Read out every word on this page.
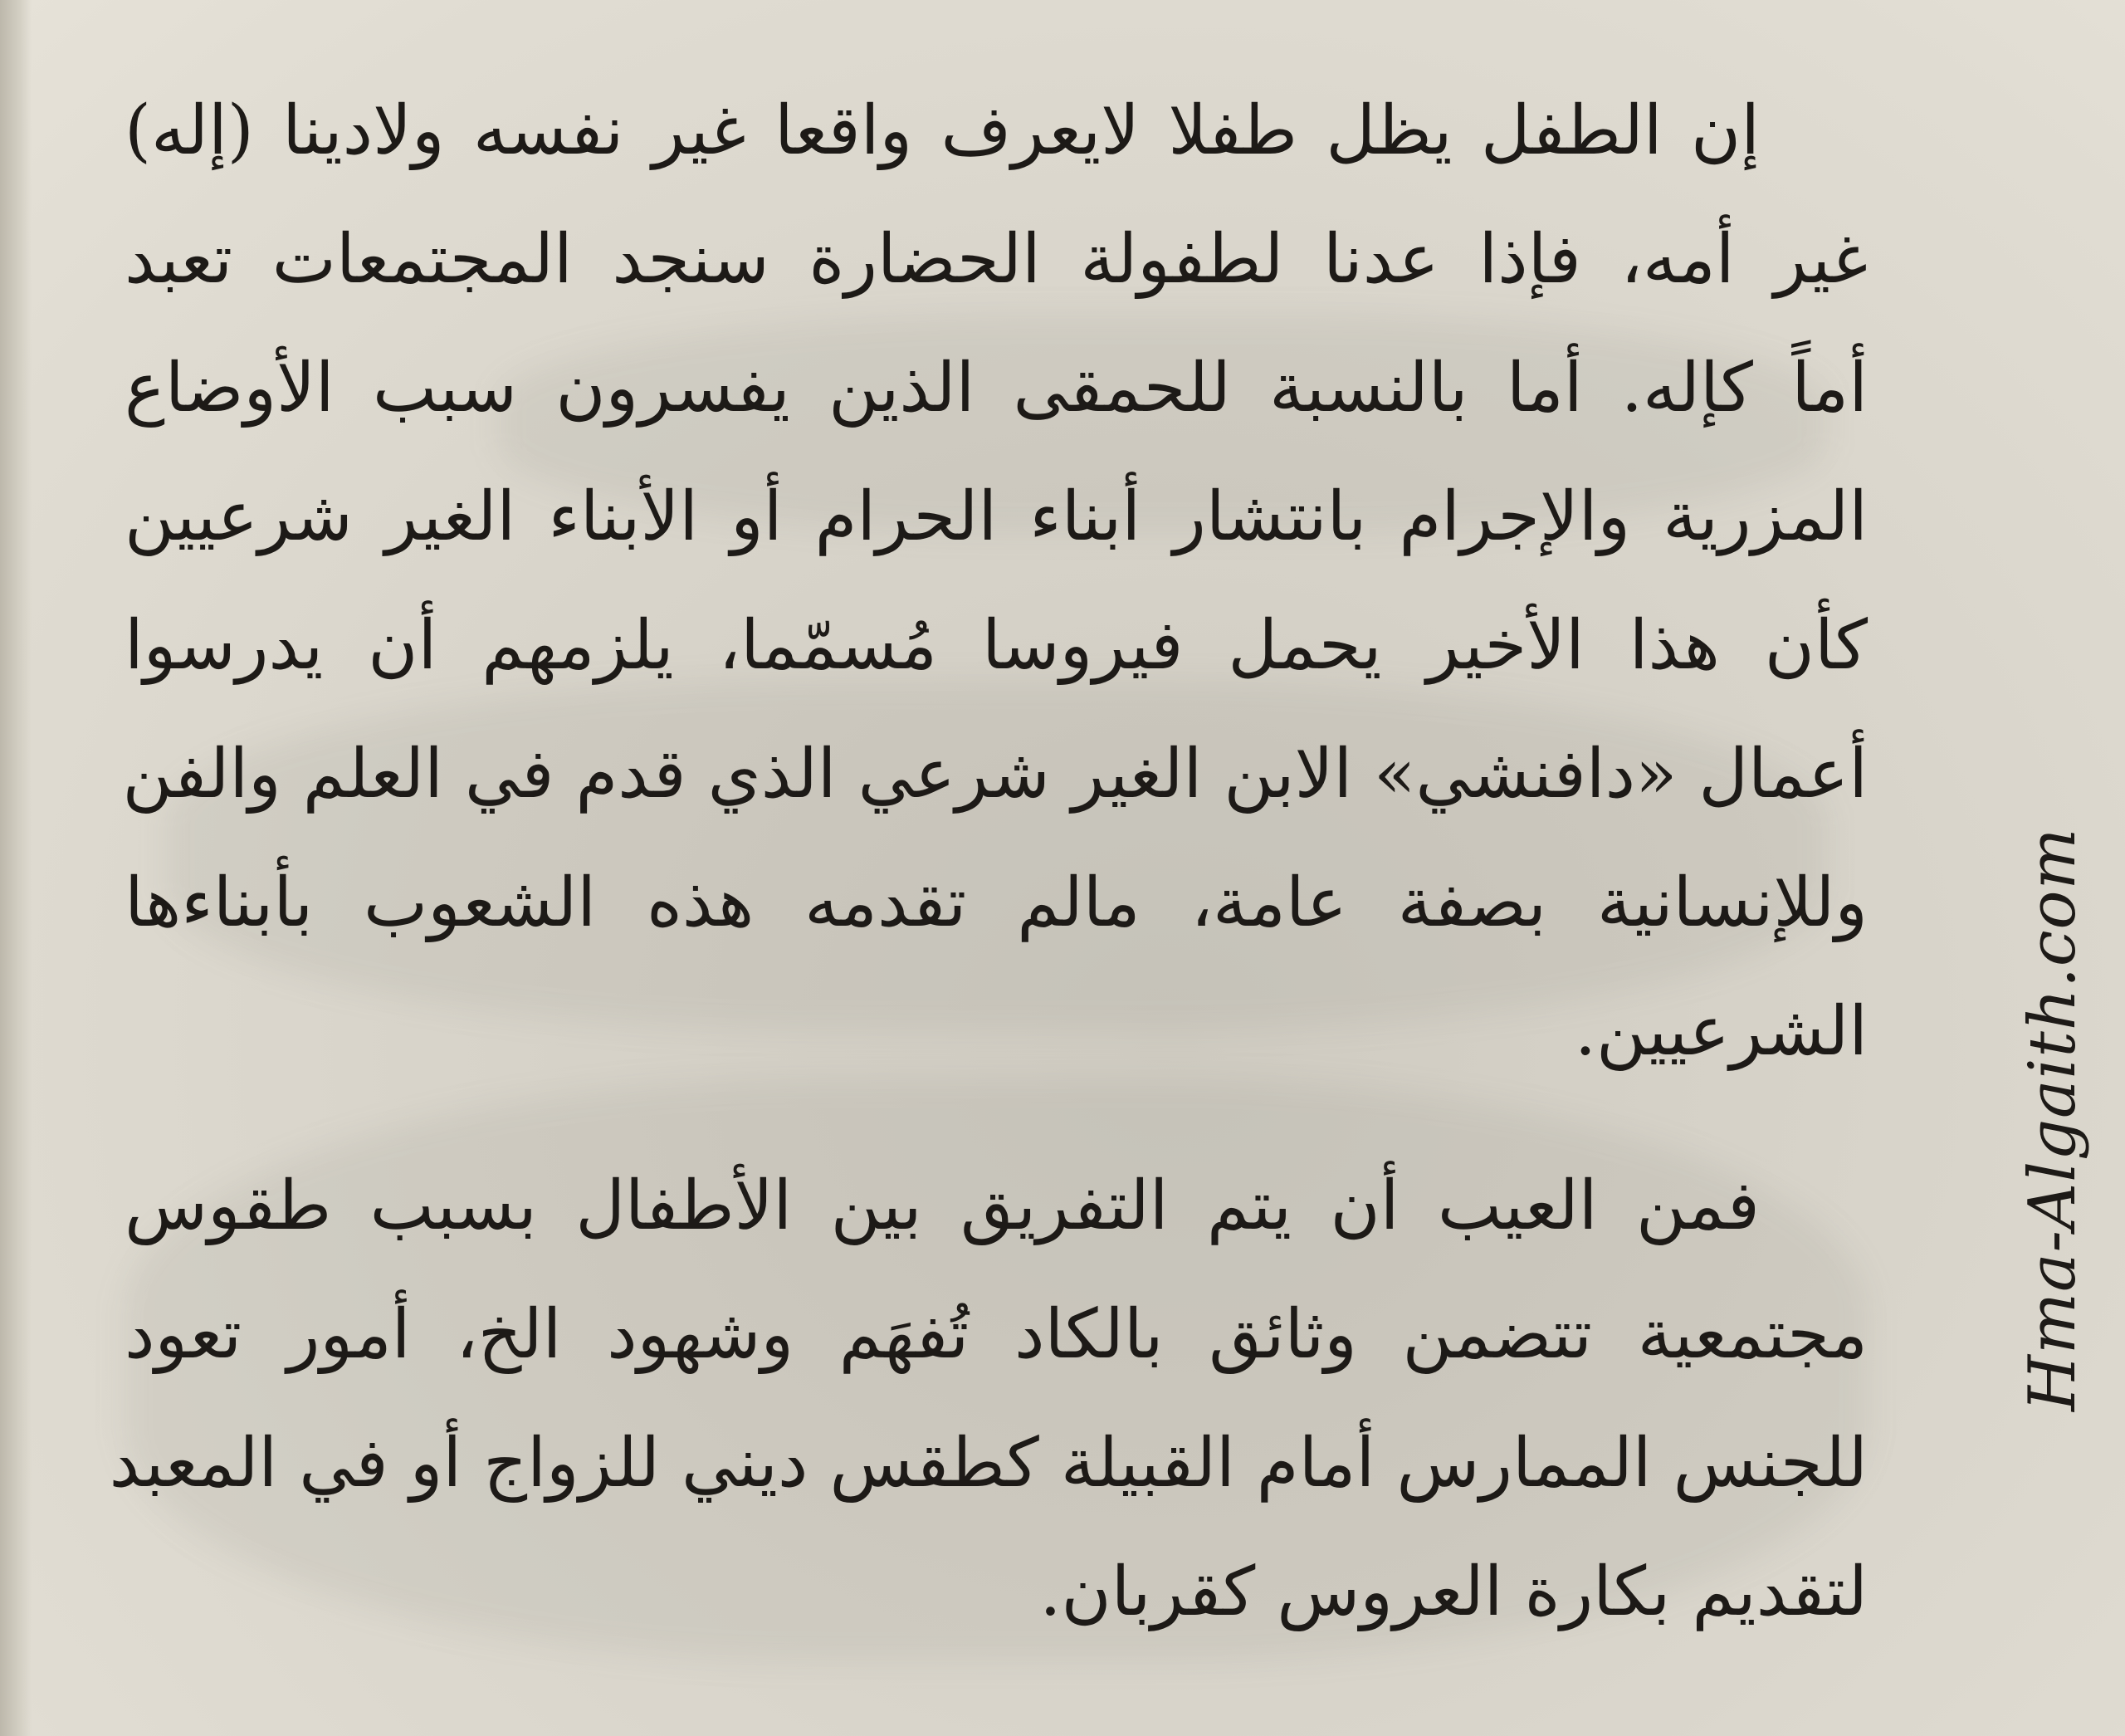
إن الطفل يظل طفلا لايعرف واقعا غير نفسه ولادينا (إله)
غير أمه، فإذا عدنا لطفولة الحضارة سنجد المجتمعات تعبد
أماً كإله. أما بالنسبة للحمقى الذين يفسرون سبب الأوضاع
المزرية والإجرام بانتشار أبناء الحرام أو الأبناء الغير شرعيين
كأن هذا الأخير يحمل فيروسا مُسمّما، يلزمهم أن يدرسوا
أعمال «دافنشي» الابن الغير شرعي الذي قدم في العلم والفن
وللإنسانية بصفة عامة، مالم تقدمه هذه الشعوب بأبناءها
الشرعيين.
فمن العيب أن يتم التفريق بين الأطفال بسبب طقوس
مجتمعية تتضمن وثائق بالكاد تُفهَم وشهود الخ، أمور تعود
للجنس الممارس أمام القبيلة كطقس ديني للزواج أو في المعبد
لتقديم بكارة العروس كقربان.
Hma-Algaith.com
